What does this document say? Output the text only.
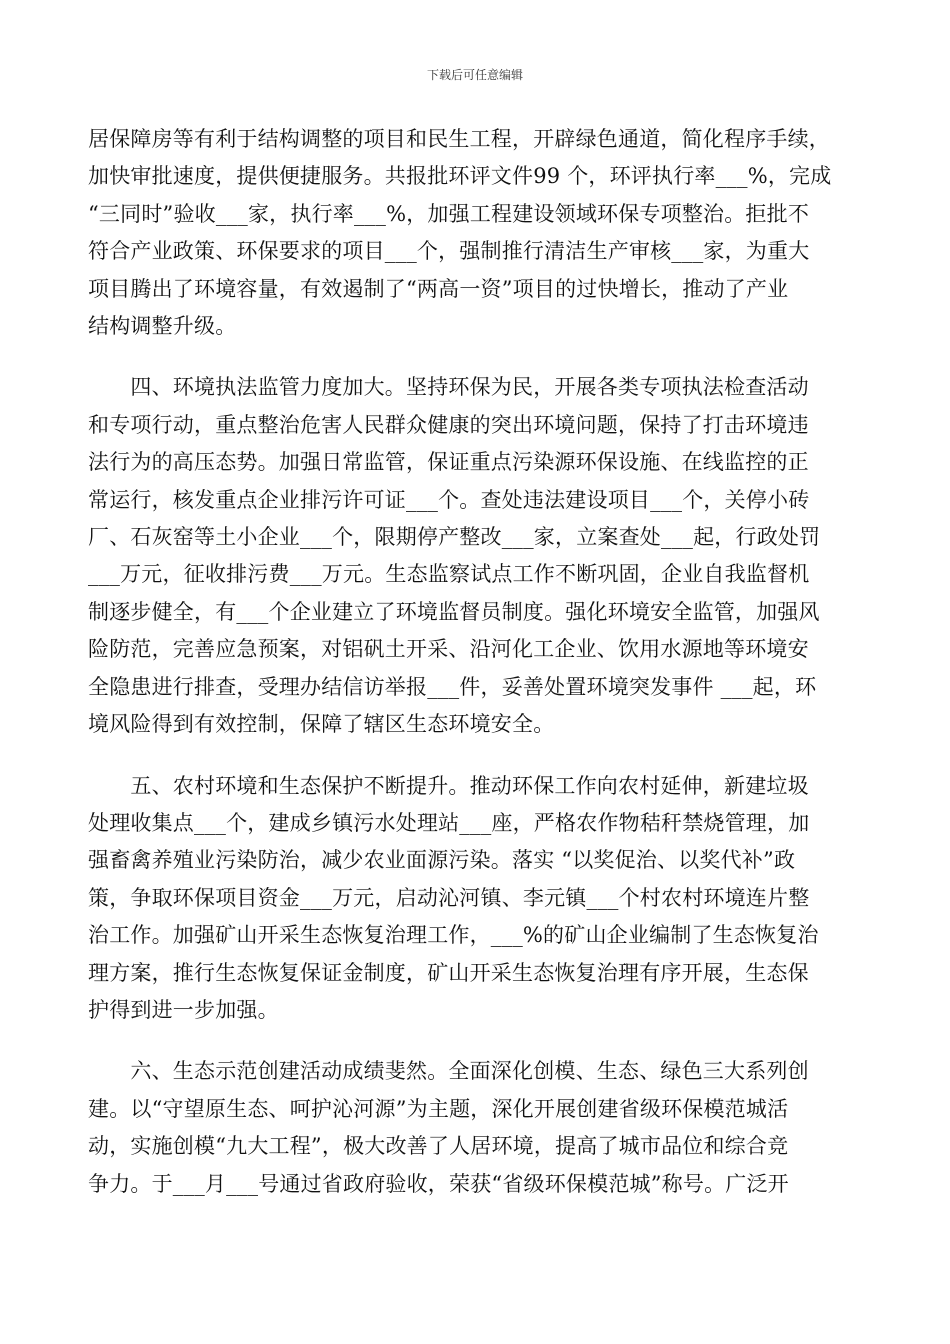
下载后可任意编辑

居保障房等有利于结构调整的项目和民生工程，开辟绿色通道，简化程序手续，
加快审批速度，提供便捷服务。共报批环评文件99 个，环评执行率___%，完成
“三同时”验收___家，执行率___%，加强工程建设领域环保专项整治。拒批不
符合产业政策、环保要求的项目___个，强制推行清洁生产审核___家，为重大
项目腾出了环境容量，有效遏制了“两高一资”项目的过快增长，推动了产业
结构调整升级。

　　四、环境执法监管力度加大。坚持环保为民，开展各类专项执法检查活动
和专项行动，重点整治危害人民群众健康的突出环境问题，保持了打击环境违
法行为的高压态势。加强日常监管，保证重点污染源环保设施、在线监控的正
常运行，核发重点企业排污许可证___个。查处违法建设项目___个，关停小砖
厂、石灰窑等土小企业___个，限期停产整改___家，立案查处___起，行政处罚
___万元，征收排污费___万元。生态监察试点工作不断巩固，企业自我监督机
制逐步健全，有___个企业建立了环境监督员制度。强化环境安全监管，加强风
险防范，完善应急预案，对铝矾土开采、沿河化工企业、饮用水源地等环境安
全隐患进行排查，受理办结信访举报___件，妥善处置环境突发事件 ___起，环
境风险得到有效控制，保障了辖区生态环境安全。

　　五、农村环境和生态保护不断提升。推动环保工作向农村延伸，新建垃圾
处理收集点___个，建成乡镇污水处理站___座，严格农作物秸秆禁烧管理，加
强畜禽养殖业污染防治，减少农业面源污染。落实 “以奖促治、以奖代补”政
策，争取环保项目资金___万元，启动沁河镇、李元镇___个村农村环境连片整
治工作。加强矿山开采生态恢复治理工作，___%的矿山企业编制了生态恢复治
理方案，推行生态恢复保证金制度，矿山开采生态恢复治理有序开展，生态保
护得到进一步加强。

　　六、生态示范创建活动成绩斐然。全面深化创模、生态、绿色三大系列创
建。以“守望原生态、呵护沁河源”为主题，深化开展创建省级环保模范城活
动，实施创模“九大工程”，极大改善了人居环境，提高了城市品位和综合竞
争力。于___月___号通过省政府验收，荣获“省级环保模范城”称号。广泛开
